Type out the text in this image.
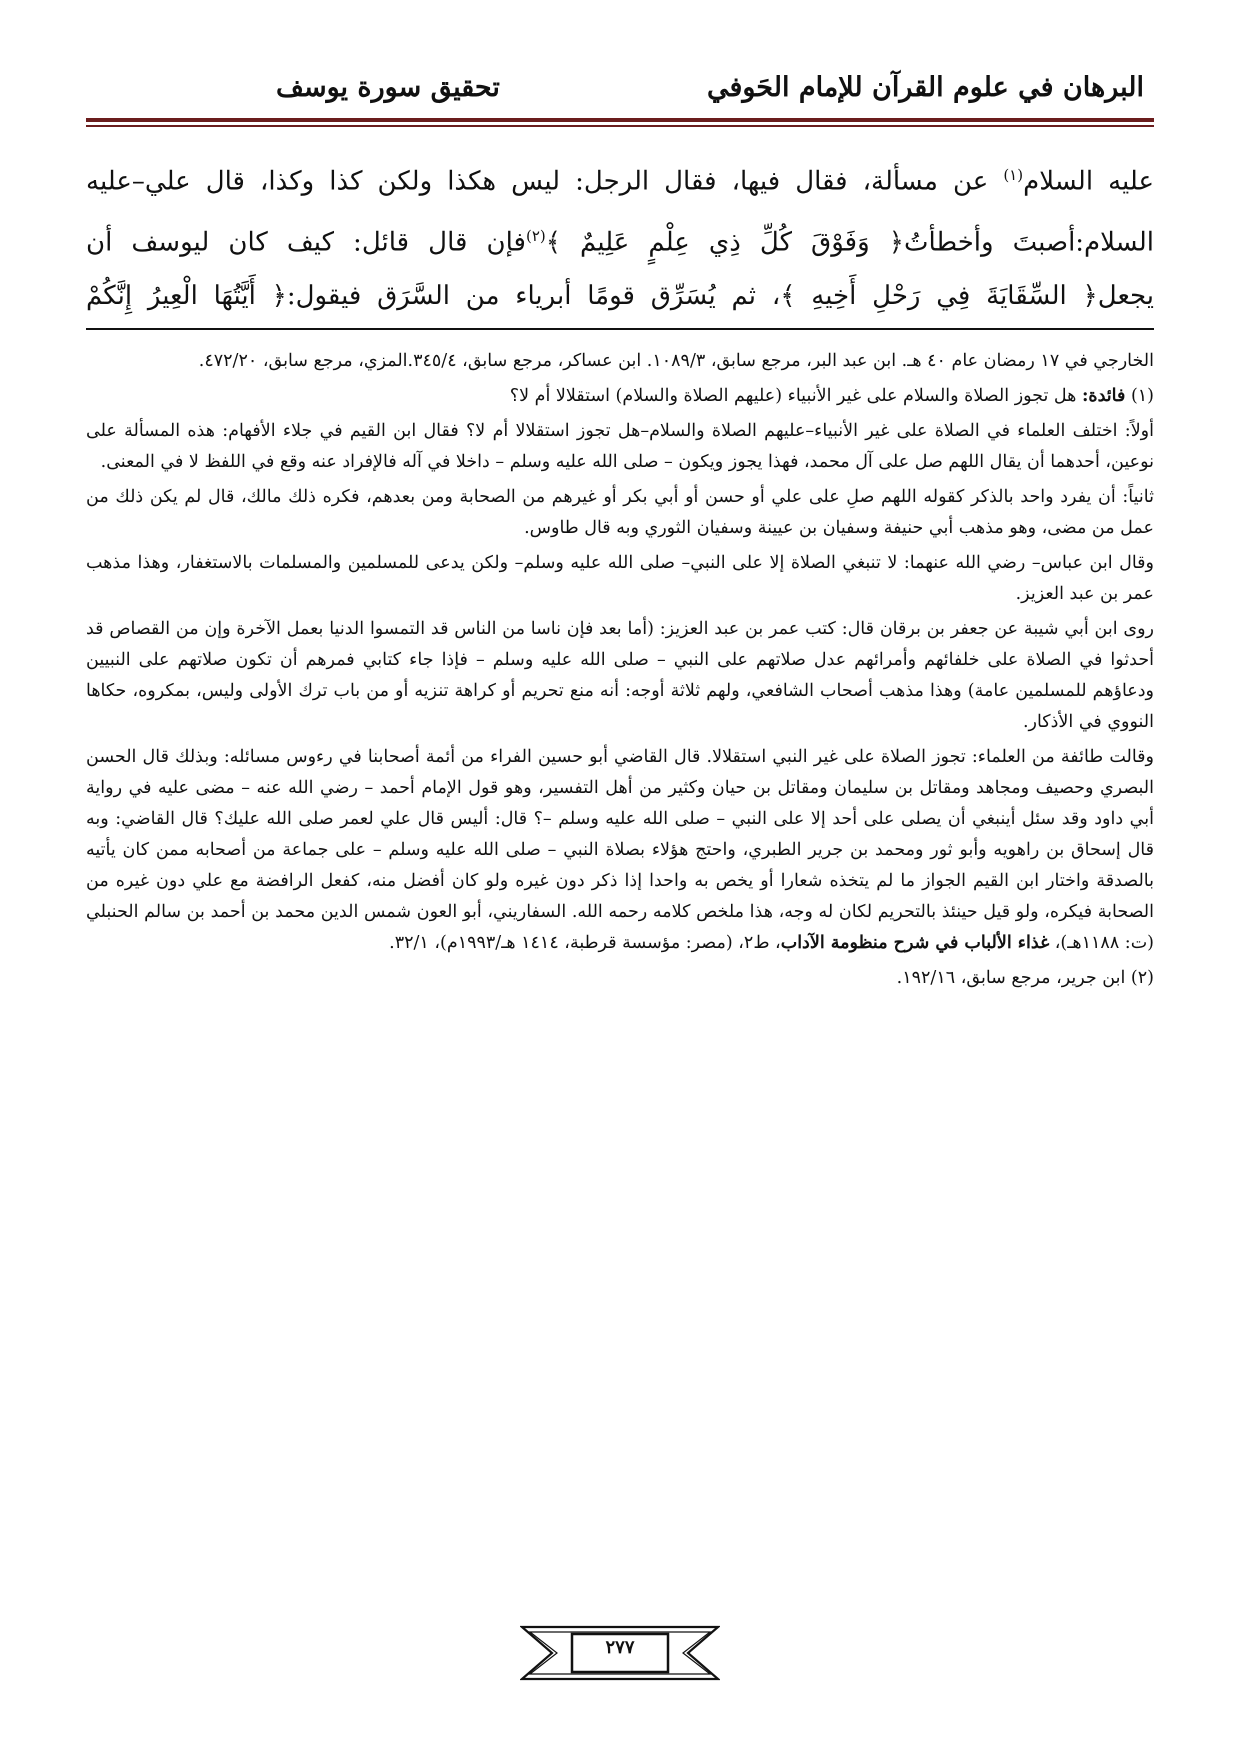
البرهان في علوم القرآن للإمام الحَوفي
تحقيق سورة يوسف

عليه السلام$^{(١)}$ عن مسألة، فقال فيها، فقال الرجل: ليس هكذا ولكن كذا وكذا، قال علي–عليه

السلام:أصبتَ وأخطأتُ﴿ وَفَوْقَ كُلِّ ذِي عِلْمٍ عَلِيمٌ ﴾$^{(٢)}$فإن قال قائل: كيف كان ليوسف أن

يجعل﴿ السِّقَايَةَ فِي رَحْلِ أَخِيهِ ﴾، ثم يُسَرِّق قومًا أبرياء من السَّرَق فيقول:﴿ أَيَّتُهَا الْعِيرُ إِنَّكُمْ

الخارجي في ١٧ رمضان عام ٤٠ هـ. ابن عبد البر، مرجع سابق، ١٠٨٩/٣. ابن عساكر، مرجع سابق، ٣٤٥/٤.المزي، مرجع سابق، ٤٧٢/٢٠.

(١) فائدة: هل تجوز الصلاة والسلام على غير الأنبياء (عليهم الصلاة والسلام) استقلالا أم لا؟

أولاً: اختلف العلماء في الصلاة على غير الأنبياء–عليهم الصلاة والسلام–هل تجوز استقلالا أم لا؟ فقال ابن القيم في جلاء الأفهام: هذه المسألة على نوعين، أحدهما أن يقال اللهم صل على آل محمد، فهذا يجوز ويكون – صلى الله عليه وسلم – داخلا في آله فالإفراد عنه وقع في اللفظ لا في المعنى.

ثانياً: أن يفرد واحد بالذكر كقوله اللهم صلِ على علي أو حسن أو أبي بكر أو غيرهم من الصحابة ومن بعدهم، فكره ذلك مالك، قال لم يكن ذلك من عمل من مضى، وهو مذهب أبي حنيفة وسفيان بن عيينة وسفيان الثوري وبه قال طاوس.

وقال ابن عباس– رضي الله عنهما: لا تنبغي الصلاة إلا على النبي– صلى الله عليه وسلم– ولكن يدعى للمسلمين والمسلمات بالاستغفار، وهذا مذهب عمر بن عبد العزيز.

روى ابن أبي شيبة عن جعفر بن برقان قال: كتب عمر بن عبد العزيز: (أما بعد فإن ناسا من الناس قد التمسوا الدنيا بعمل الآخرة وإن من القصاص قد أحدثوا في الصلاة على خلفائهم وأمرائهم عدل صلاتهم على النبي – صلى الله عليه وسلم – فإذا جاء كتابي فمرهم أن تكون صلاتهم على النبيين ودعاؤهم للمسلمين عامة) وهذا مذهب أصحاب الشافعي، ولهم ثلاثة أوجه: أنه منع تحريم أو كراهة تنزيه أو من باب ترك الأولى وليس، بمكروه، حكاها النووي في الأذكار.

وقالت طائفة من العلماء: تجوز الصلاة على غير النبي استقلالا. قال القاضي أبو حسين الفراء من أئمة أصحابنا في رءوس مسائله: وبذلك قال الحسن البصري وحصيف ومجاهد ومقاتل بن سليمان ومقاتل بن حيان وكثير من أهل التفسير، وهو قول الإمام أحمد – رضي الله عنه – مضى عليه في رواية أبي داود وقد سئل أينبغي أن يصلى على أحد إلا على النبي – صلى الله عليه وسلم –؟ قال: أليس قال علي لعمر صلى الله عليك؟ قال القاضي: وبه قال إسحاق بن راهويه وأبو ثور ومحمد بن جرير الطبري، واحتج هؤلاء بصلاة النبي – صلى الله عليه وسلم – على جماعة من أصحابه ممن كان يأتيه بالصدقة واختار ابن القيم الجواز ما لم يتخذه شعارا أو يخص به واحدا إذا ذكر دون غيره ولو كان أفضل منه، كفعل الرافضة مع علي دون غيره من الصحابة فيكره، ولو قيل حينئذ بالتحريم لكان له وجه، هذا ملخص كلامه رحمه الله. السفاريني، أبو العون شمس الدين محمد بن أحمد بن سالم الحنبلي (ت: ١١٨٨هـ)، غذاء الألباب في شرح منظومة الآداب، ط٢، (مصر: مؤسسة قرطبة، ١٤١٤ هـ/١٩٩٣م)، ٣٢/١.

(٢) ابن جرير، مرجع سابق، ١٩٢/١٦.

٢٧٧
